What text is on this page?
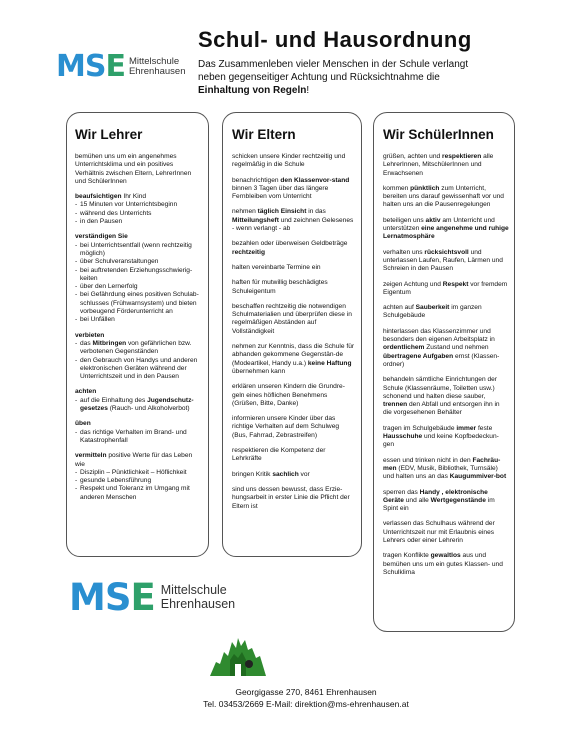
MSE Mittelschule
Ehrenhausen
Schul- und Hausordnung
Das Zusammenleben vieler Menschen in der Schule verlangt
neben gegenseitiger Achtung und Rücksichtnahme die
Einhaltung von Regeln!
Wir Lehrer
bemühen uns um ein angenehmes Unterrichtsklima und ein positives Verhältnis zwischen Eltern, LehrerInnen und SchülerInnen
beaufsichtigen Ihr Kind
- 15 Minuten vor Unterrichtsbeginn
- während des Unterrichts
- in den Pausen
verständigen Sie
- bei Unterrichtsentfall (wenn rechtzeitig möglich)
- über Schulveranstaltungen
- bei auftretenden Erziehungsschwierig-keiten
- über den Lernerfolg
- bei Gefährdung eines positiven Schulab-schlusses (Frühwarnsystem) und bieten vorbeugend Förderunterricht an
- bei Unfällen
verbieten
- das Mitbringen von gefährlichen bzw. verbotenen Gegenständen
- den Gebrauch von Handys und anderen elektronischen Geräten während der Unterrichtszeit und in den Pausen
achten
- auf die Einhaltung des Jugendschutz-gesetzes (Rauch- und Alkoholverbot)
üben
- das richtige Verhalten im Brand- und Katastrophenfall
vermitteln positive Werte für das Leben wie
- Disziplin – Pünktlichkeit – Höflichkeit
- gesunde Lebensführung
- Respekt und Toleranz im Umgang mit anderen Menschen
Wir Eltern
schicken unsere Kinder rechtzeitig und regelmäßig in die Schule
benachrichtigen den Klassenvor-stand binnen 3 Tagen über das längere Fernbleiben vom Unterricht
nehmen täglich Einsicht in das Mitteilungsheft und zeichnen Gelesenes - wenn verlangt - ab
bezahlen oder überweisen Geldbeträge rechtzeitig
halten vereinbarte Termine ein
haften für mutwillig beschädigtes Schuleigentum
beschaffen rechtzeitig die notwendigen Schulmaterialien und überprüfen diese in regelmäßigen Abständen auf Vollständigkeit
nehmen zur Kenntnis, dass die Schule für abhanden gekommene Gegenstän-de (Modeartikel, Handy u.a.) keine Haftung übernehmen kann
erklären unseren Kindern die Grundre-geln eines höflichen Benehmens (Grüßen, Bitte, Danke)
informieren unsere Kinder über das richtige Verhalten auf dem Schulweg (Bus, Fahrrad, Zebrastreifen)
respektieren die Kompetenz der Lehrkräfte
bringen Kritik sachlich vor
sind uns dessen bewusst, dass Erzie-hungsarbeit in erster Linie die Pflicht der Eltern ist
Wir SchülerInnen
grüßen, achten und respektieren alle LehrerInnen, MitschülerInnen und Erwachsenen
kommen pünktlich zum Unterricht, bereiten uns darauf gewissenhaft vor und halten uns an die Pausenregelungen
beteiligen uns aktiv am Unterricht und unterstützen eine angenehme und ruhige Lernatmosphäre
verhalten uns rücksichtsvoll und unterlassen Laufen, Raufen, Lärmen und Schreien in den Pausen
zeigen Achtung und Respekt vor fremdem Eigentum
achten auf Sauberkeit im ganzen Schulgebäude
hinterlassen das Klassenzimmer und besonders den eigenen Arbeitsplatz in ordentlichem Zustand und nehmen übertragene Aufgaben ernst (Klassen-ordner)
behandeln sämtliche Einrichtungen der Schule (Klassenräume, Toiletten usw.) schonend und halten diese sauber, trennen den Abfall und entsorgen ihn in die vorgesehenen Behälter
tragen im Schulgebäude immer feste Hausschuhe und keine Kopfbedeckun-gen
essen und trinken nicht in den Fachräu-men (EDV, Musik, Bibliothek, Turnsäle) und halten uns an das Kaugummiver-bot
sperren das Handy , elektronische Geräte und alle Wertgegenstände im Spint ein
verlassen das Schulhaus während der Unterrichtszeit nur mit Erlaubnis eines Lehrers oder einer Lehrerin
tragen Konflikte gewaltlos aus und bemühen uns um ein gutes Klassen- und Schulklima
MSE Mittelschule
Ehrenhausen
Georgigasse 270, 8461 Ehrenhausen
Tel. 03453/2669 E-Mail: direktion@ms-ehrenhausen.at
